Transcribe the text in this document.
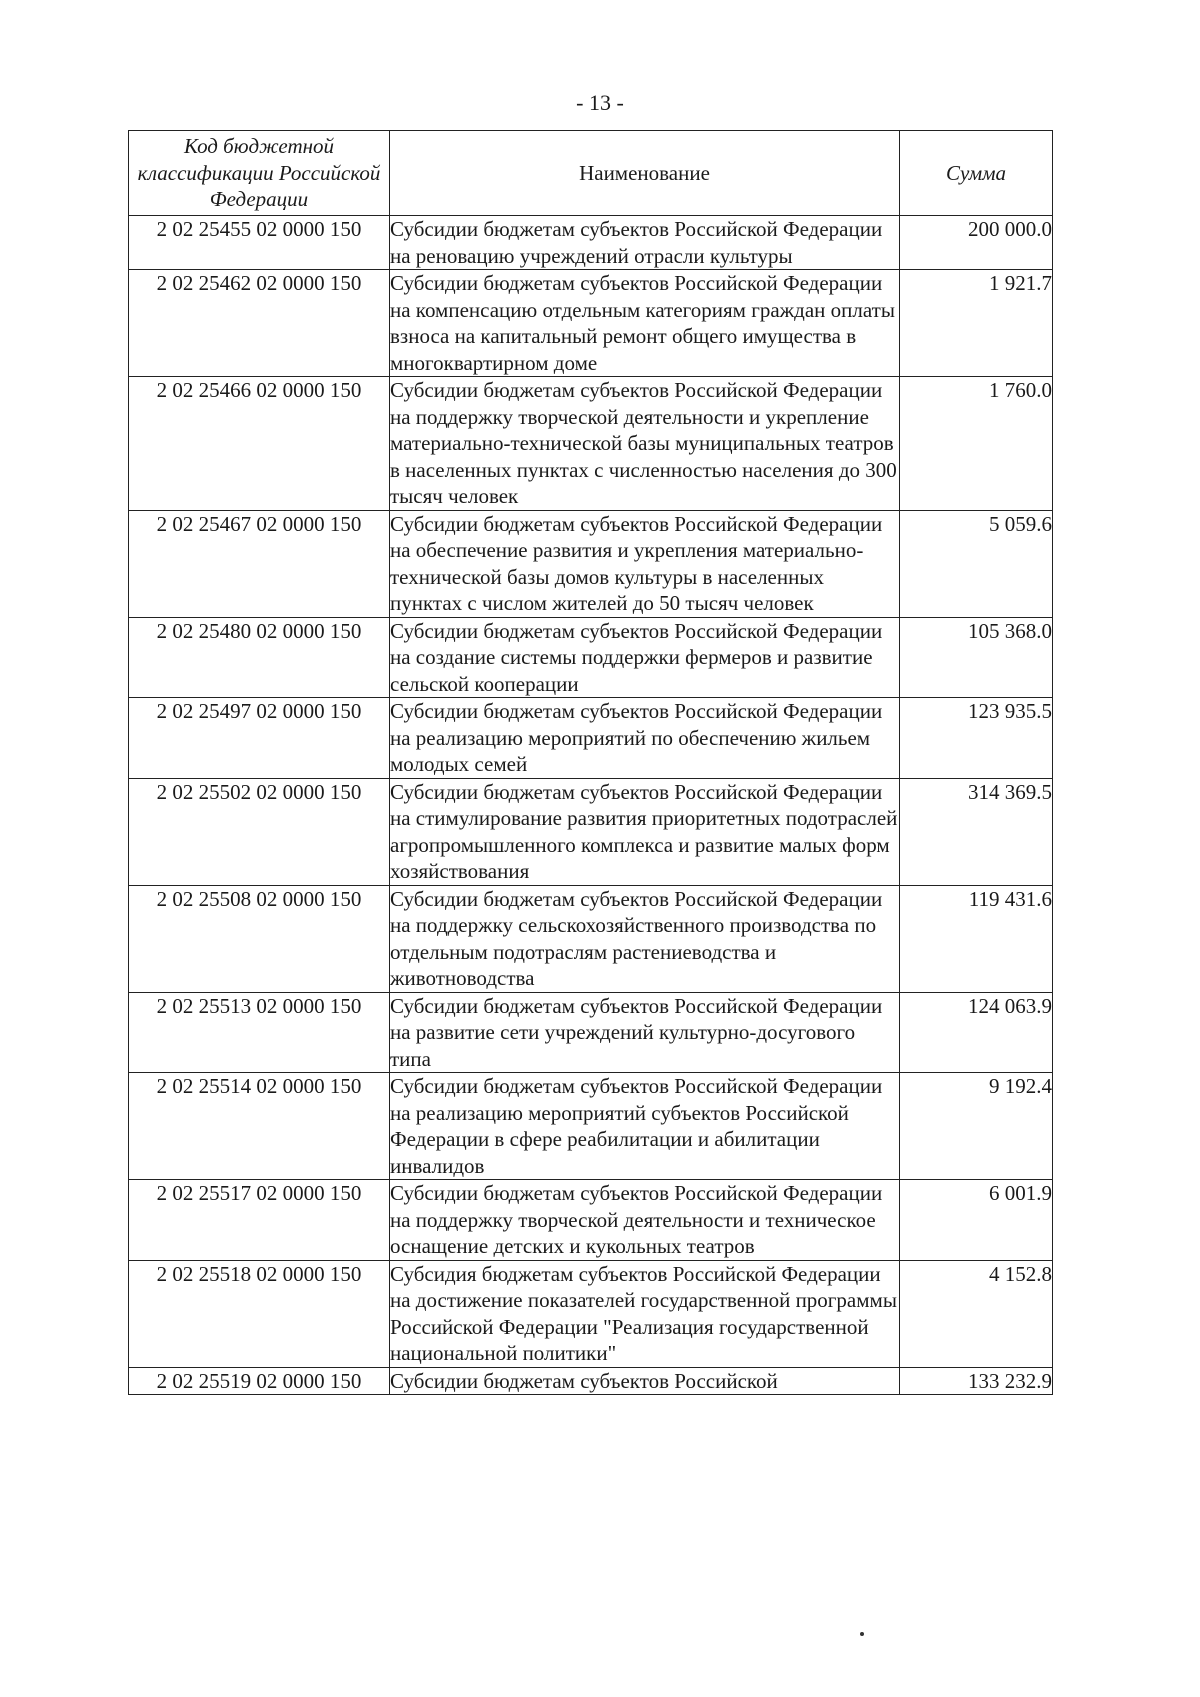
- 13 -
Код бюджетной классификации Российской Федерации	Наименование	Сумма
2 02 25455 02 0000 150	Субсидии бюджетам субъектов Российской Федерации на реновацию учреждений отрасли культуры	200 000.0
2 02 25462 02 0000 150	Субсидии бюджетам субъектов Российской Федерации на компенсацию отдельным категориям граждан оплаты взноса на капитальный ремонт общего имущества в многоквартирном доме	1 921.7
2 02 25466 02 0000 150	Субсидии бюджетам субъектов Российской Федерации на поддержку творческой деятельности и укрепление материально-технической базы муниципальных театров в населенных пунктах с численностью населения до 300 тысяч человек	1 760.0
2 02 25467 02 0000 150	Субсидии бюджетам субъектов Российской Федерации на обеспечение развития и укрепления материально-технической базы домов культуры в населенных пунктах с числом жителей до 50 тысяч человек	5 059.6
2 02 25480 02 0000 150	Субсидии бюджетам субъектов Российской Федерации на создание системы поддержки фермеров и развитие сельской кооперации	105 368.0
2 02 25497 02 0000 150	Субсидии бюджетам субъектов Российской Федерации на реализацию мероприятий по обеспечению жильем молодых семей	123 935.5
2 02 25502 02 0000 150	Субсидии бюджетам субъектов Российской Федерации на стимулирование развития приоритетных подотраслей агропромышленного комплекса и развитие малых форм хозяйствования	314 369.5
2 02 25508 02 0000 150	Субсидии бюджетам субъектов Российской Федерации на поддержку сельскохозяйственного производства по отдельным подотраслям растениеводства и животноводства	119 431.6
2 02 25513 02 0000 150	Субсидии бюджетам субъектов Российской Федерации на развитие сети учреждений культурно-досугового типа	124 063.9
2 02 25514 02 0000 150	Субсидии бюджетам субъектов Российской Федерации на реализацию мероприятий субъектов Российской Федерации в сфере реабилитации и абилитации инвалидов	9 192.4
2 02 25517 02 0000 150	Субсидии бюджетам субъектов Российской Федерации на поддержку творческой деятельности и техническое оснащение детских и кукольных театров	6 001.9
2 02 25518 02 0000 150	Субсидия бюджетам субъектов Российской Федерации на достижение показателей государственной программы Российской Федерации "Реализация государственной национальной политики"	4 152.8
2 02 25519 02 0000 150	Субсидии бюджетам субъектов Российской	133 232.9
